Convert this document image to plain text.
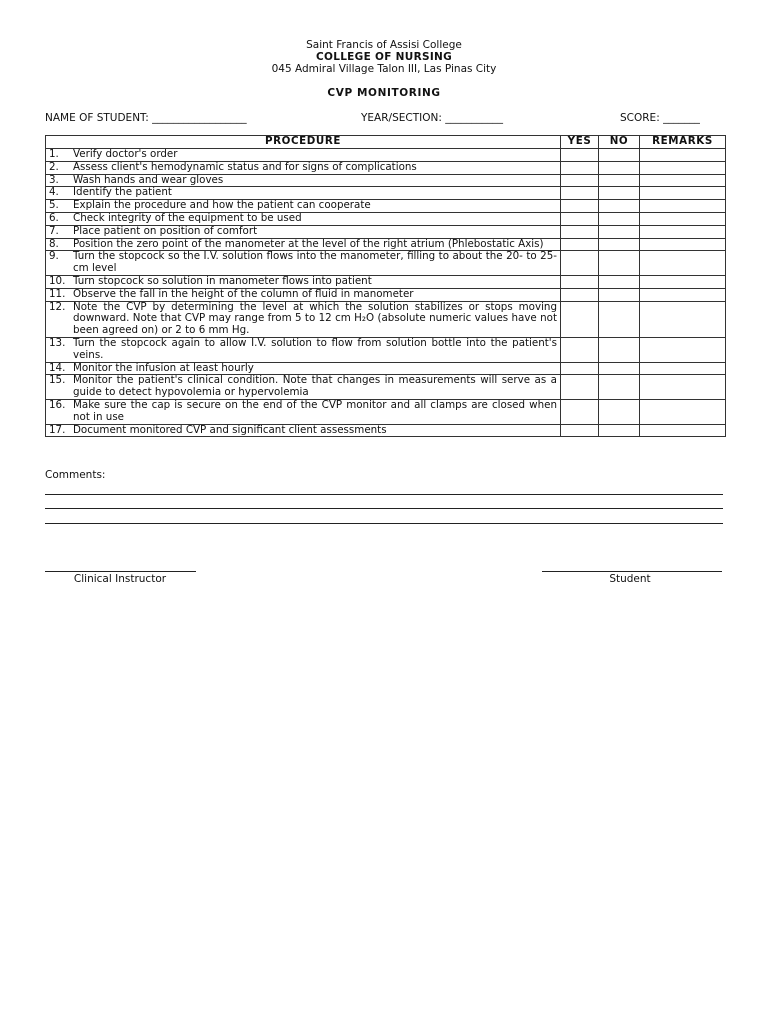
Saint Francis of Assisi College
COLLEGE OF NURSING
045 Admiral Village Talon III, Las Pinas City
CVP MONITORING
NAME OF STUDENT: __________________	YEAR/SECTION: ___________	SCORE: _______
PROCEDURE	YES	NO	REMARKS

1. Verify doctor's order			

2. Assess client's hemodynamic status and for signs of complications			

3. Wash hands and wear gloves			

4. Identify the patient			

5. Explain the procedure and how the patient can cooperate			

6. Check integrity of the equipment to be used			

7. Place patient on position of comfort			

8. Position the zero point of the manometer at the level of the right atrium (Phlebostatic Axis)			

9. Turn the stopcock so the I.V. solution flows into the manometer, filling to about the 20- to 25-cm level			

10. Turn stopcock so solution in manometer flows into patient			

11. Observe the fall in the height of the column of fluid in manometer			

12. Note the CVP by determining the level at which the solution stabilizes or stops moving downward. Note that CVP may range from 5 to 12 cm H₂O (absolute numeric values have not been agreed on) or 2 to 6 mm Hg.			

13. Turn the stopcock again to allow I.V. solution to flow from solution bottle into the patient's veins.			

14. Monitor the infusion at least hourly			

15. Monitor the patient's clinical condition. Note that changes in measurements will serve as a guide to detect hypovolemia or hypervolemia			

16. Make sure the cap is secure on the end of the CVP monitor and all clamps are closed when not in use			

17. Document monitored CVP and significant client assessments			

Comments:
Clinical Instructor	Student
